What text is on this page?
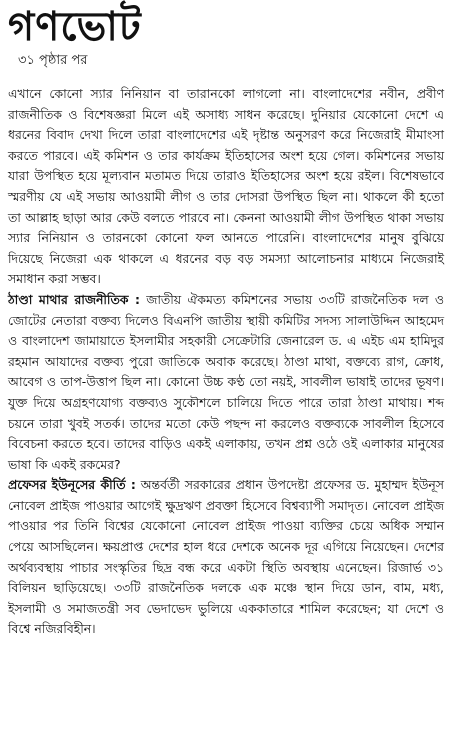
গণভোট
৩১ পৃষ্ঠার পর

এখানে কোনো স্যার নিনিয়ান বা তারানকো লাগলো না। বাংলাদেশের নবীন, প্রবীণ রাজনীতিক ও বিশেষজ্ঞরা মিলে এই অসাধ্য সাধন করেছে। দুনিয়ার যেকোনো দেশে এ ধরনের বিবাদ দেখা দিলে তারা বাংলাদেশের এই দৃষ্টান্ত অনুসরণ করে নিজেরাই মীমাংসা করতে পারবে। এই কমিশন ও তার কার্যক্রম ইতিহাসের অংশ হয়ে গেল। কমিশনের সভায় যারা উপস্থিত হয়ে মূল্যবান মতামত দিয়ে তারাও ইতিহাসের অংশ হয়ে রইল। বিশেষভাবে স্মরণীয় যে এই সভায় আওয়ামী লীগ ও তার দোসরা উপস্থিত ছিল না। থাকলে কী হতো তা আল্লাহ ছাড়া আর কেউ বলতে পারবে না। কেননা আওয়ামী লীগ উপস্থিত থাকা সভায় স্যার নিনিয়ান ও তারনকো কোনো ফল আনতে পারেনি। বাংলাদেশের মানুষ বুঝিয়ে দিয়েছে নিজেরা এক থাকলে এ ধরনের বড় বড় সমস্যা আলোচনার মাধ্যমে নিজেরাই সমাধান করা সম্ভব।

ঠাণ্ডা মাথার রাজনীতিক : জাতীয় ঐকমত্য কমিশনের সভায় ৩৩টি রাজনৈতিক দল ও জোটের নেতারা বক্তব্য দিলেও বিএনপি জাতীয় স্থায়ী কমিটির সদস্য সালাউদ্দিন আহমেদ ও বাংলাদেশ জামায়াতে ইসলামীর সহকারী সেক্রেটারি জেনারেল ড. এ এইচ এম হামিদুর রহমান আযাদের বক্তব্য পুরো জাতিকে অবাক করেছে। ঠাণ্ডা মাথা, বক্তব্যে রাগ, ক্রোধ, আবেগ ও তাপ-উত্তাপ ছিল না। কোনো উচ্চ কণ্ঠ তো নয়ই, সাবলীল ভাষাই তাদের ভূষণ। যুক্ত দিয়ে অগ্রহণযোগ্য বক্তব্যও সুকৌশলে চালিয়ে দিতে পারে তারা ঠাণ্ডা মাথায়। শব্দ চয়নে তারা খুবই সতর্ক। তাদের মতো কেউ পছন্দ না করলেও বক্তব্যকে সাবলীল হিসেবে বিবেচনা করতে হবে। তাদের বাড়িও একই এলাকায়, তখন প্রশ্ন ওঠে ওই এলাকার মানুষের ভাষা কি একই রকমের?

প্রফেসর ইউনূসের কীর্তি : অন্তর্বর্তী সরকারের প্রধান উপদেষ্টা প্রফেসর ড. মুহাম্মদ ইউনূস নোবেল প্রাইজ পাওয়ার আগেই ক্ষুদ্রঋণ প্রবক্তা হিসেবে বিশ্বব্যাপী সমাদৃত। নোবেল প্রাইজ পাওয়ার পর তিনি বিশ্বের যেকোনো নোবেল প্রাইজ পাওয়া ব্যক্তির চেয়ে অধিক সম্মান পেয়ে আসছিলেন। ক্ষয়প্রাপ্ত দেশের হাল ধরে দেশকে অনেক দূর এগিয়ে নিয়েছেন। দেশের অর্থব্যবস্থায় পাচার সংস্কৃতির ছিদ্র বন্ধ করে একটা স্থিতি অবস্থায় এনেছেন। রিজার্ভ ৩১ বিলিয়ন ছাড়িয়েছে। ৩৩টি রাজনৈতিক দলকে এক মঞ্চে স্থান দিয়ে ডান, বাম, মধ্য, ইসলামী ও সমাজতন্ত্রী সব ভেদাভেদ ভুলিয়ে এককাতারে শামিল করেছেন; যা দেশে ও বিশ্বে নজিরবিহীন।
